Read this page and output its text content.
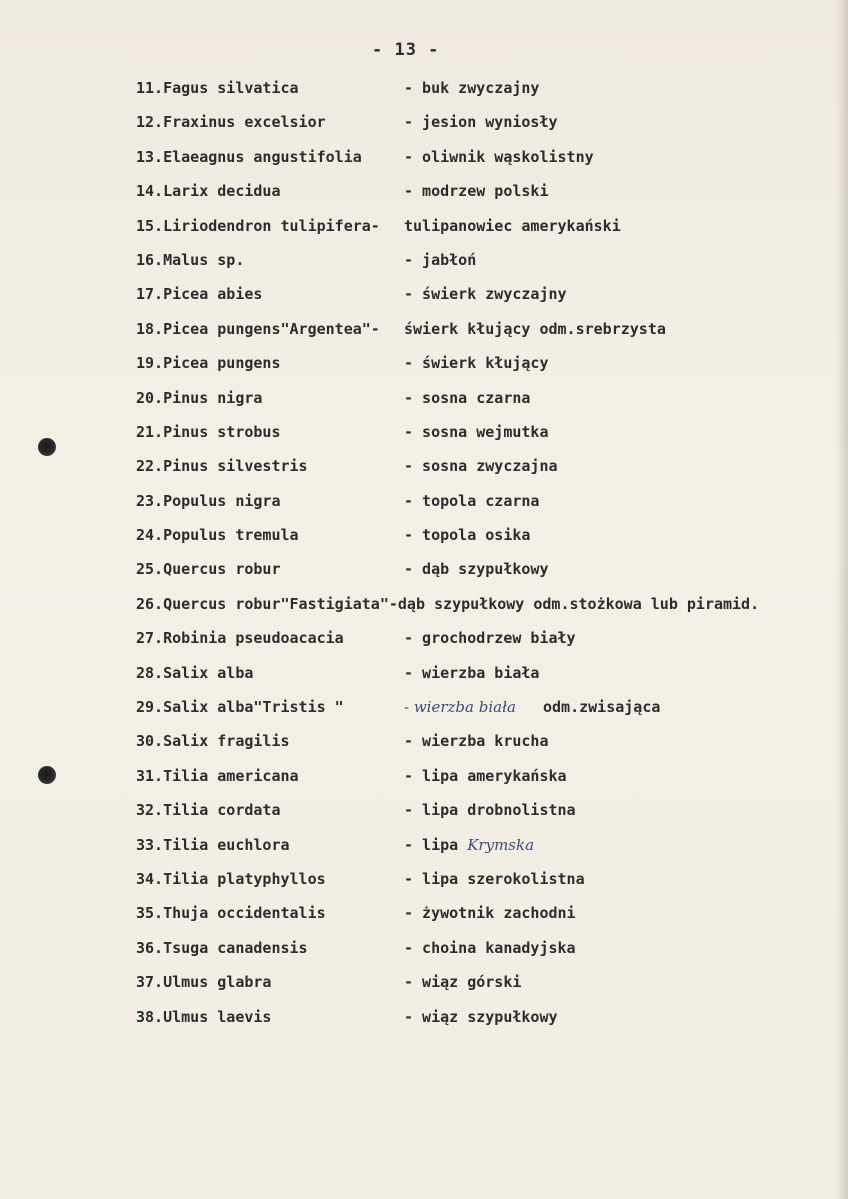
- 13 -
11.Fagus silvatica	- buk zwyczajny
12.Fraxinus excelsior	- jesion wyniosły
13.Elaeagnus angustifolia	- oliwnik wąskolistny
14.Larix decidua	- modrzew polski
15.Liriodendron tulipifera- tulipanowiec amerykański
16.Malus sp.	- jabłoń
17.Picea abies	- świerk zwyczajny
18.Picea pungens"Argentea"- świerk kłujący odm.srebrzysta
19.Picea pungens	- świerk kłujący
20.Pinus nigra	- sosna czarna
21.Pinus strobus	- sosna wejmutka
22.Pinus silvestris	- sosna zwyczajna
23.Populus nigra	- topola czarna
24.Populus tremula	- topola osika
25.Quercus robur	- dąb szypułkowy
26.Quercus robur"Fastigiata"-dąb szypułkowy odm.stożkowa lub piramid.
27.Robinia pseudoacacia	- grochodrzew biały
28.Salix alba	- wierzba biała
29.Salix alba"Tristis "	- wierzba biała odm.zwisająca
30.Salix fragilis	- wierzba krucha
31.Tilia americana	- lipa amerykańska
32.Tilia cordata	- lipa drobnolistna
33.Tilia euchlora	- lipa Krymska
34.Tilia platyphyllos	- lipa szerokolistna
35.Thuja occidentalis	- żywotnik zachodni
36.Tsuga canadensis	- choina kanadyjska
37.Ulmus glabra	- wiąz górski
38.Ulmus laevis	- wiąz szypułkowy
